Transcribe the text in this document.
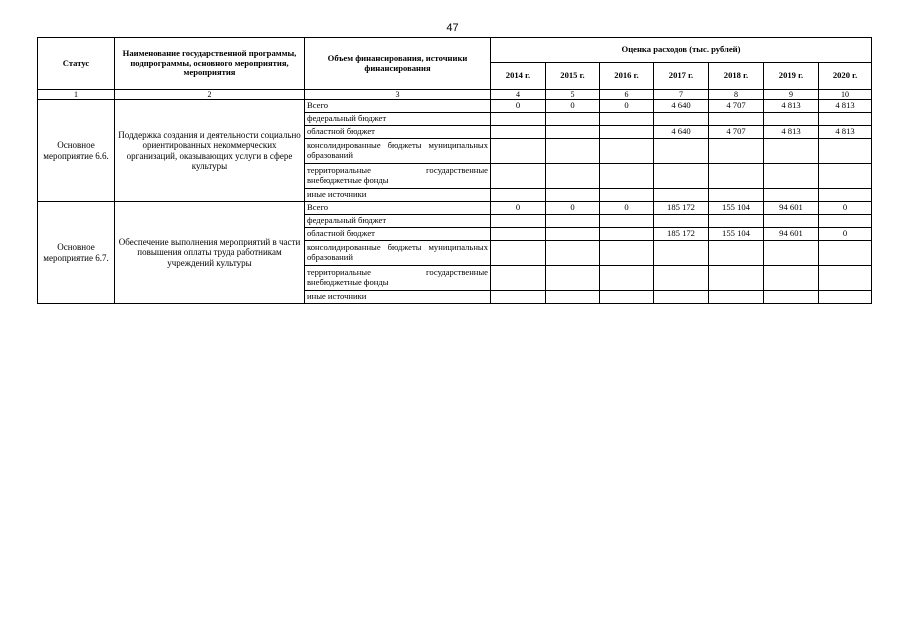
47
Статус	Наименование государственной программы, подпрограммы, основного мероприятия, мероприятия	Объем финансирования, источники финансирования	Оценка расходов (тыс. рублей)						
			2014 г.	2015 г.	2016 г.	2017 г.	2018 г.	2019 г.	2020 г.
1	2	3	4	5	6	7	8	9	10
Основное мероприятие 6.6.	Поддержка создания и деятельности социально ориентированных некоммерческих организаций, оказывающих услуги в сфере культуры	Всего	0	0	0	4 640	4 707	4 813	4 813
		федеральный бюджет							
		областной бюджет				4 640	4 707	4 813	4 813
		консолидированные бюджеты муниципальных образований							
		территориальные государственные внебюджетные фонды							
		иные источники							
Основное мероприятие 6.7.	Обеспечение выполнения мероприятий в части повышения оплаты труда работникам учреждений культуры	Всего	0	0	0	185 172	155 104	94 601	0
		федеральный бюджет							
		областной бюджет				185 172	155 104	94 601	0
		консолидированные бюджеты муниципальных образований							
		территориальные государственные внебюджетные фонды							
		иные источники							
